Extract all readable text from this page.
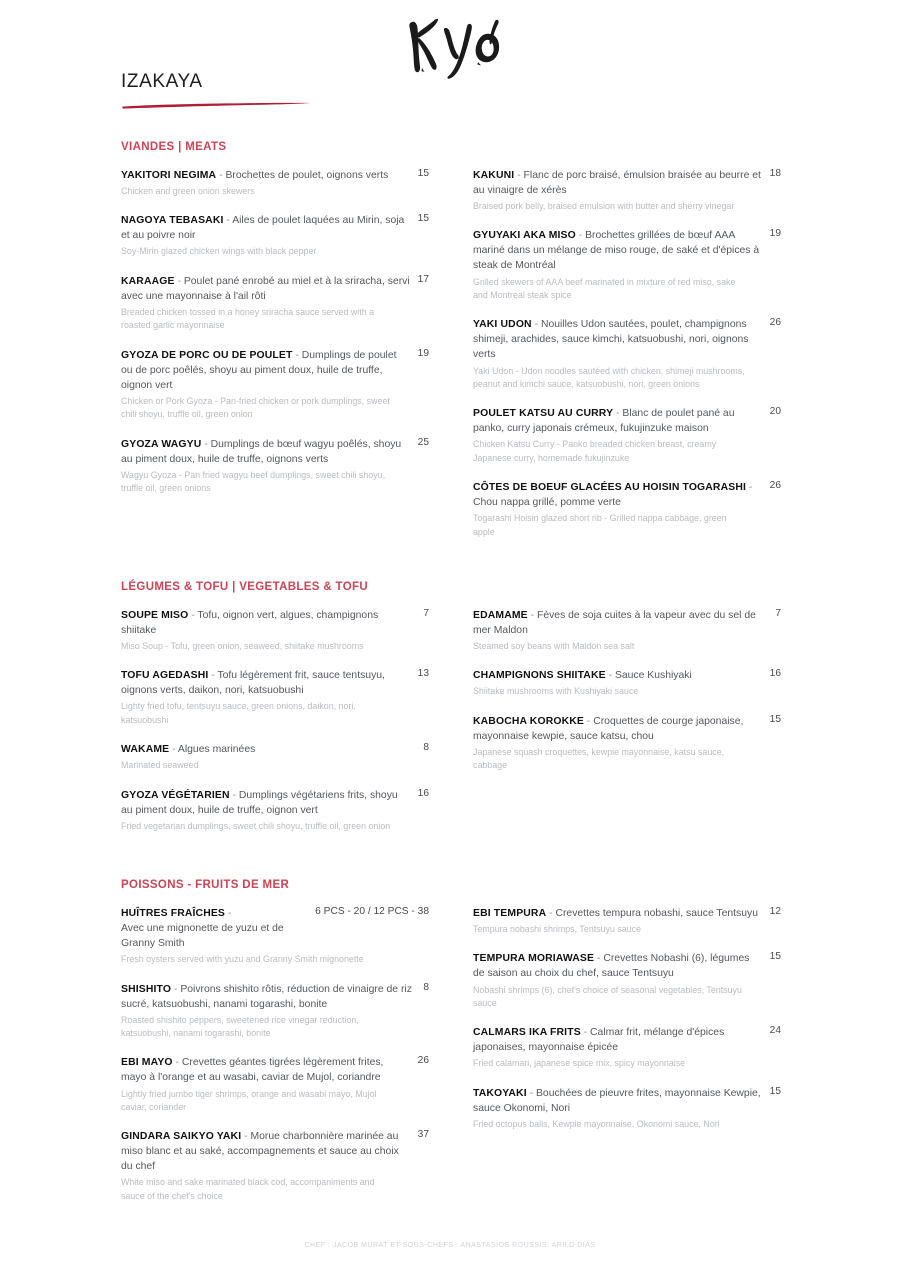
IZAKAYA
VIANDES | MEATS
YAKITORI NEGIMA - Brochettes de poulet, oignons verts	15
Chicken and green onion skewers
NAGOYA TEBASAKI - Ailes de poulet laquées au Mirin, soja et au poivre noir
15
Soy-Mirin glazed chicken wings with black pepper
KARAAGE - Poulet pané enrobé au miel et à la sriracha, servi avec une mayonnaise à l'ail rôti
17
Breaded chicken tossed in a honey sriracha sauce served with a roasted garlic mayonnaise
GYOZA DE PORC OU DE POULET - Dumplings de poulet ou de porc poêlés, shoyu au piment doux, huile de truffe, oignon vert
19
Chicken or Pork Gyoza - Pan-fried chicken or pork dumplings, sweet chili shoyu, truffle oil, green onion
GYOZA WAGYU - Dumplings de bœuf wagyu poêlés, shoyu au piment doux, huile de truffe, oignons verts
25
Wagyu Gyoza - Pan fried wagyu beef dumplings, sweet chili shoyu, truffle oil, green onions
KAKUNI - Flanc de porc braisé, émulsion braisée au beurre et au vinaigre de xérès
18
Braised pork belly, braised emulsion with butter and sherry vinegar
GYUYAKI AKA MISO - Brochettes grillées de bœuf AAA mariné dans un mélange de miso rouge, de saké et d'épices à steak de Montréal
19
Grilled skewers of AAA beef marinated in mixture of red miso, sake and Montreal steak spice
YAKI UDON - Nouilles Udon sautées, poulet, champignons shimeji, arachides, sauce kimchi, katsuobushi, nori, oignons verts
26
Yaki Udon - Udon noodles sautéed with chicken, shimeji mushrooms, peanut and kimchi sauce, katsuobushi, nori, green onions
POULET KATSU AU CURRY - Blanc de poulet pané au panko, curry japonais crémeux, fukujinzuke maison
20
Chicken Katsu Curry - Panko breaded chicken breast, creamy Japanese curry, homemade fukujinzuke
CÔTES DE BOEUF GLACÉES AU HOISIN TOGARASHI - Chou nappa grillé, pomme verte
26
Togarashi Hoisin glazed short rib - Grilled nappa cabbage, green apple
LÉGUMES & TOFU | VEGETABLES & TOFU
SOUPE MISO - Tofu, oignon vert, algues, champignons shiitake
7
Miso Soup - Tofu, green onion, seaweed, shiitake mushrooms
TOFU AGEDASHI - Tofu légèrement frit, sauce tentsuyu, oignons verts, daikon, nori, katsuobushi
13
Lighty fried tofu, tentsuyu sauce, green onions, daikon, nori, katsuobushi
WAKAME - Algues marinées	8
Marinated seaweed
GYOZA VÉGÉTARIEN - Dumplings végétariens frits, shoyu au piment doux, huile de truffe, oignon vert
16
Fried vegetarian dumplings, sweet chili shoyu, truffle oil, green onion
EDAMAME - Fèves de soja cuites à la vapeur avec du sel de mer Maldon
7
Steamed soy beans with Maldon sea salt
CHAMPIGNONS SHIITAKE - Sauce Kushiyaki	16
Shiitake mushrooms with Kushiyaki sauce
KABOCHA KOROKKE - Croquettes de courge japonaise, mayonnaise kewpie, sauce katsu, chou
15
Japanese squash croquettes, kewpie mayonnaise, katsu sauce, cabbage
POISSONS - FRUITS DE MER
HUÎTRES FRAÎCHES -
Avec une mignonette de yuzu et de Granny Smith
6 PCS - 20 / 12 PCS - 38
Fresh oysters served with yuzu and Granny Smith mignonette
SHISHITO - Poivrons shishito rôtis, réduction de vinaigre de riz sucré, katsuobushi, nanami togarashi, bonite
8
Roasted shishito peppers, sweetened rice vinegar reduction, katsuobushi, nanami togarashi, bonite
EBI MAYO - Crevettes géantes tigrées légèrement frites, mayo à l'orange et au wasabi, caviar de Mujol, coriandre
26
Lightly fried jumbo tiger shrimps, orange and wasabi mayo, Mujol caviar, coriander
GINDARA SAIKYO YAKI - Morue charbonnière marinée au miso blanc et au saké, accompagnements et sauce au choix du chef
37
White miso and sake marinated black cod, accompaniments and sauce of the chef's choice
EBI TEMPURA - Crevettes tempura nobashi, sauce Tentsuyu	12
Tempura nobashi shrimps, Tentsuyu sauce
TEMPURA MORIAWASE - Crevettes Nobashi (6), légumes de saison au choix du chef, sauce Tentsuyu
15
Nobashi shrimps (6), chef's choice of seasonal vegetables, Tentsuyu sauce
CALMARS IKA FRITS - Calmar frit, mélange d'épices japonaises, mayonnaise épicée
24
Fried calamari, japanese spice mix, spicy mayonnaise
TAKOYAKI - Bouchées de pieuvre frites, mayonnaise Kewpie, sauce Okonomi, Nori
15
Fried octopus balls, Kewpie mayonnaise, Okonomi sauce, Nori
CHEF : JACOB MURAT ET SOUS-CHEFS : ANASTASIOS ROUSSIS, ARILD DIAS
